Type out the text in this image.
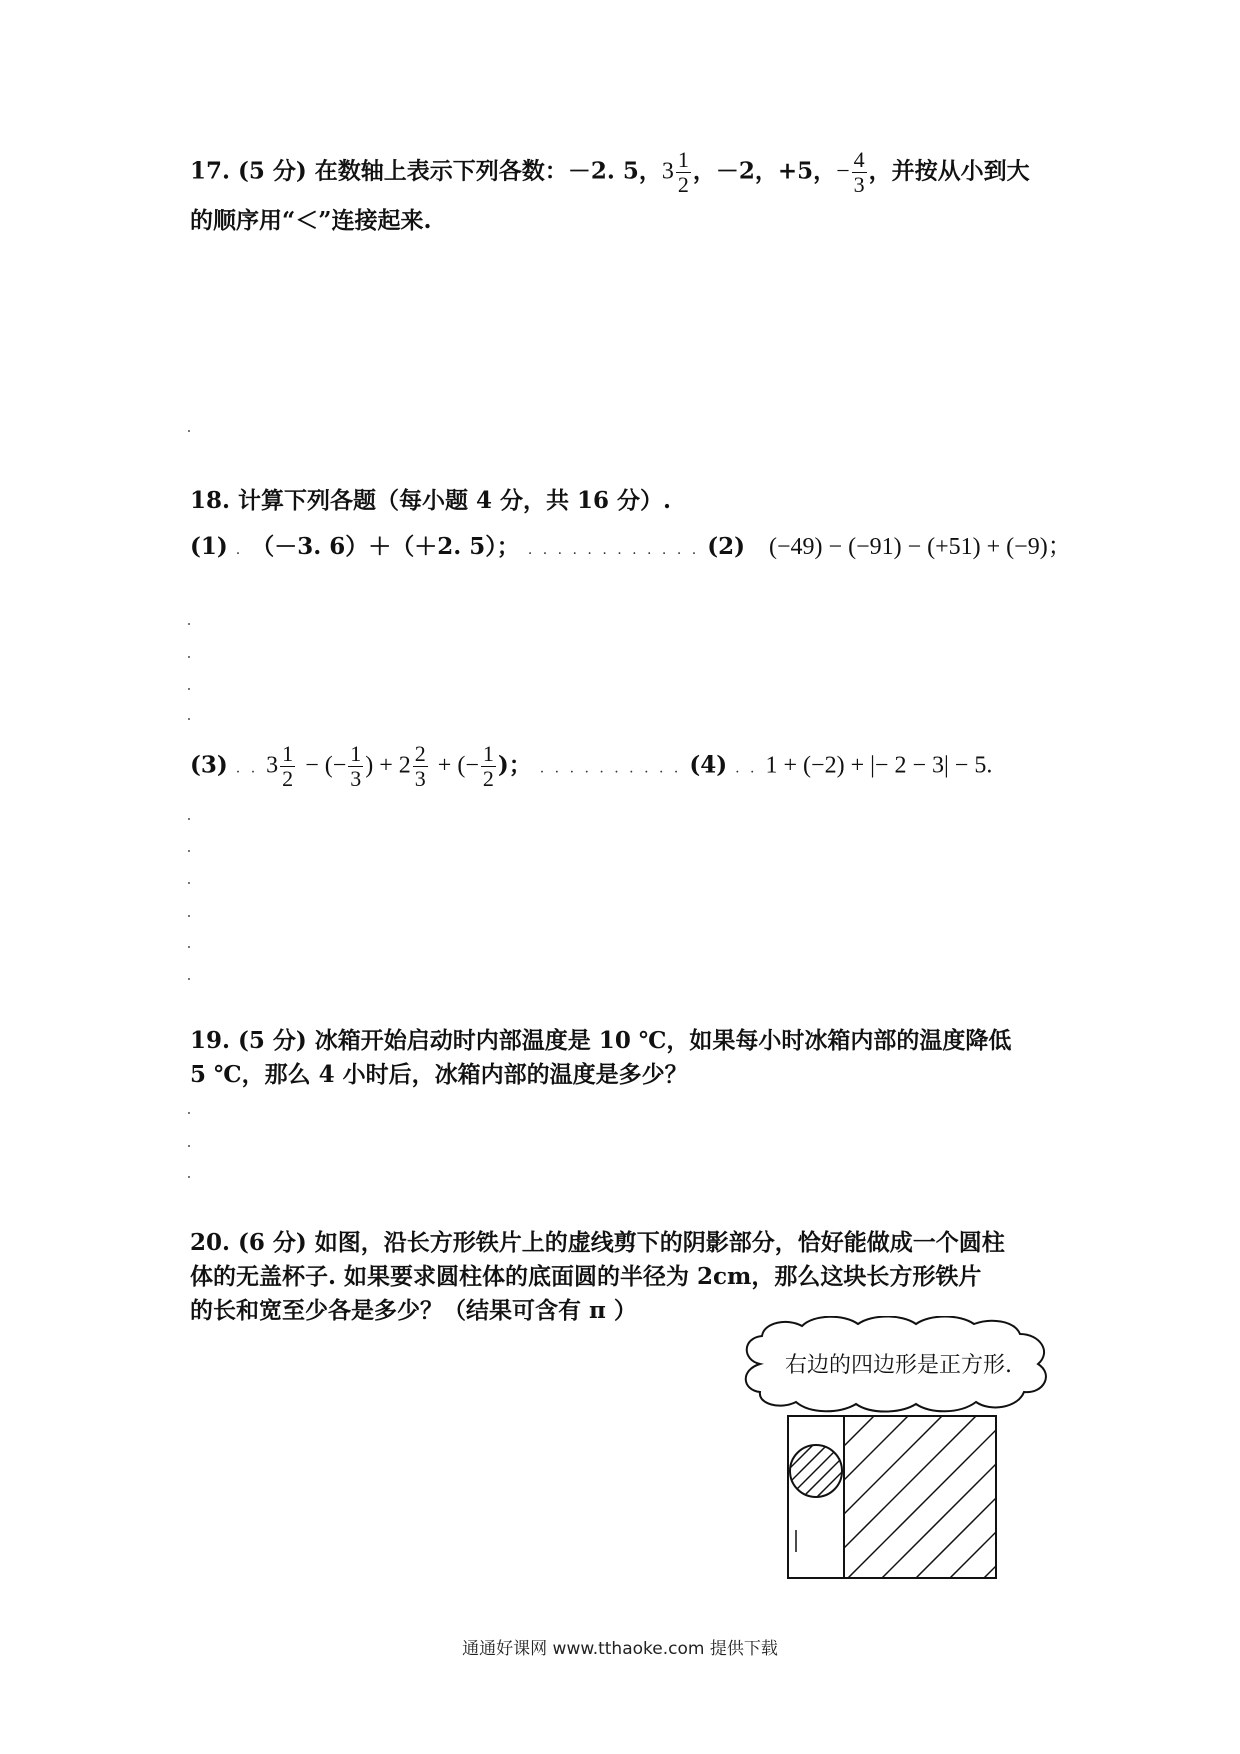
17. (5 分) 在数轴上表示下列各数：－2. 5，$3 \frac{1}{2}$ ，－2，+5，− $\frac{4}{3}$ ，并按从小到大
的顺序用“＜”连接起来.
18. 计算下列各题（每小题 4 分，共 16 分）.
(1) . （－3. 6）＋（＋2. 5）； . . . . . . . . . . . . (2) (−49) − (−91) − (+51) + (−9)；
(3) . . $3 \frac{1}{2}$ − (− $\frac{1}{3}$ ) + $2 \frac{2}{3}$ + (− $\frac{1}{2}$ )； . . . . . . . . . . (4) . . 1 + (−2) + |− 2 − 3| − 5.
19. (5 分) 冰箱开始启动时内部温度是 10 ℃，如果每小时冰箱内部的温度降低
5 ℃，那么 4 小时后，冰箱内部的温度是多少？
20. (6 分) 如图，沿长方形铁片上的虚线剪下的阴影部分，恰好能做成一个圆柱
体的无盖杯子. 如果要求圆柱体的底面圆的半径为 2cm，那么这块长方形铁片
的长和宽至少各是多少？（结果可含有 π ）
右边的四边形是正方形.
通通好课网 www.tthaoke.com 提供下载
